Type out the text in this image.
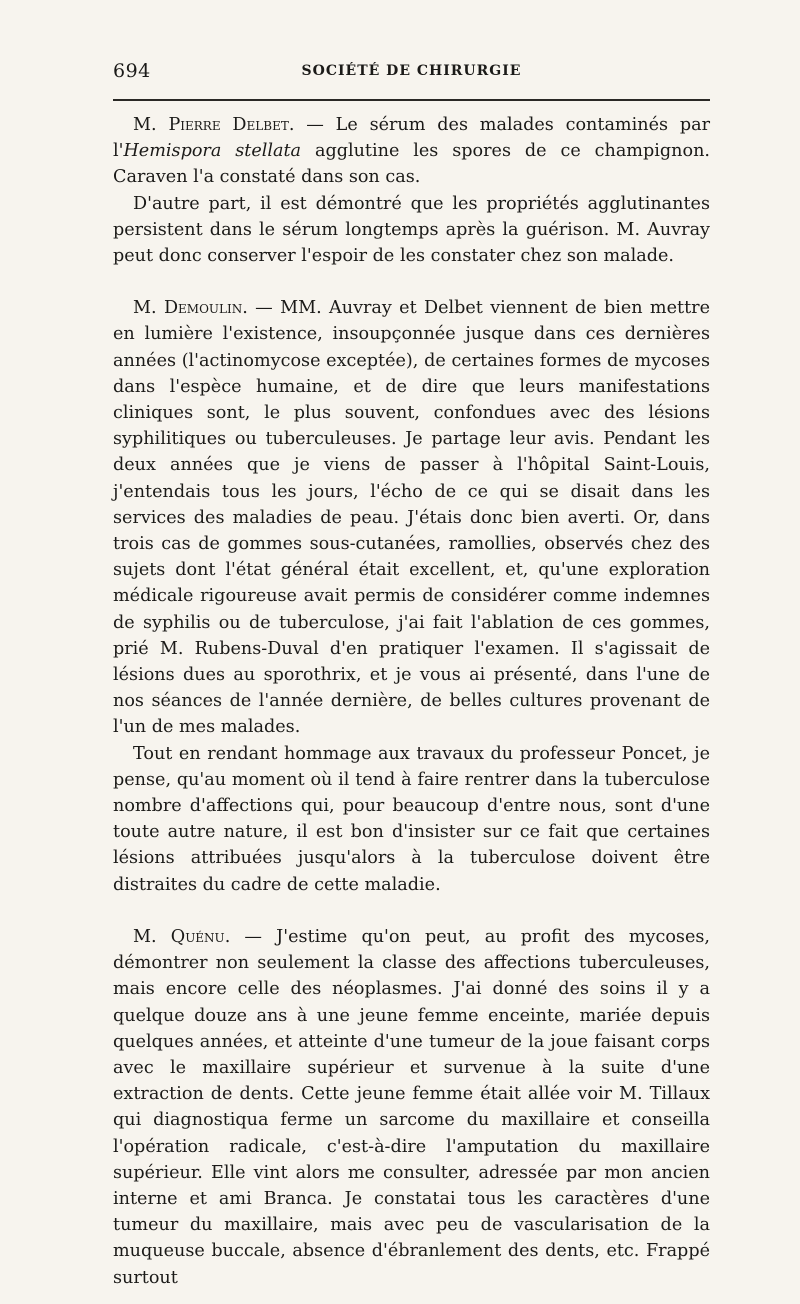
694	SOCIÉTÉ DE CHIRURGIE

M. Pierre Delbet. — Le sérum des malades contaminés par l'Hemispora stellata agglutine les spores de ce champignon. Caraven l'a constaté dans son cas.

D'autre part, il est démontré que les propriétés agglutinantes persistent dans le sérum longtemps après la guérison. M. Auvray peut donc conserver l'espoir de les constater chez son malade.

M. Demoulin. — MM. Auvray et Delbet viennent de bien mettre en lumière l'existence, insoupçonnée jusque dans ces dernières années (l'actinomycose exceptée), de certaines formes de mycoses dans l'espèce humaine, et de dire que leurs manifestations cliniques sont, le plus souvent, confondues avec des lésions syphilitiques ou tuberculeuses. Je partage leur avis. Pendant les deux années que je viens de passer à l'hôpital Saint-Louis, j'entendais tous les jours, l'écho de ce qui se disait dans les services des maladies de peau. J'étais donc bien averti. Or, dans trois cas de gommes sous-cutanées, ramollies, observés chez des sujets dont l'état général était excellent, et, qu'une exploration médicale rigoureuse avait permis de considérer comme indemnes de syphilis ou de tuberculose, j'ai fait l'ablation de ces gommes, prié M. Rubens-Duval d'en pratiquer l'examen. Il s'agissait de lésions dues au sporothrix, et je vous ai présenté, dans l'une de nos séances de l'année dernière, de belles cultures provenant de l'un de mes malades.

Tout en rendant hommage aux travaux du professeur Poncet, je pense, qu'au moment où il tend à faire rentrer dans la tuberculose nombre d'affections qui, pour beaucoup d'entre nous, sont d'une toute autre nature, il est bon d'insister sur ce fait que certaines lésions attribuées jusqu'alors à la tuberculose doivent être distraites du cadre de cette maladie.

M. Quénu. — J'estime qu'on peut, au profit des mycoses, démontrer non seulement la classe des affections tuberculeuses, mais encore celle des néoplasmes. J'ai donné des soins il y a quelque douze ans à une jeune femme enceinte, mariée depuis quelques années, et atteinte d'une tumeur de la joue faisant corps avec le maxillaire supérieur et survenue à la suite d'une extraction de dents. Cette jeune femme était allée voir M. Tillaux qui diagnostiqua ferme un sarcome du maxillaire et conseilla l'opération radicale, c'est-à-dire l'amputation du maxillaire supérieur. Elle vint alors me consulter, adressée par mon ancien interne et ami Branca. Je constatai tous les caractères d'une tumeur du maxillaire, mais avec peu de vascularisation de la muqueuse buccale, absence d'ébranlement des dents, etc. Frappé surtout
